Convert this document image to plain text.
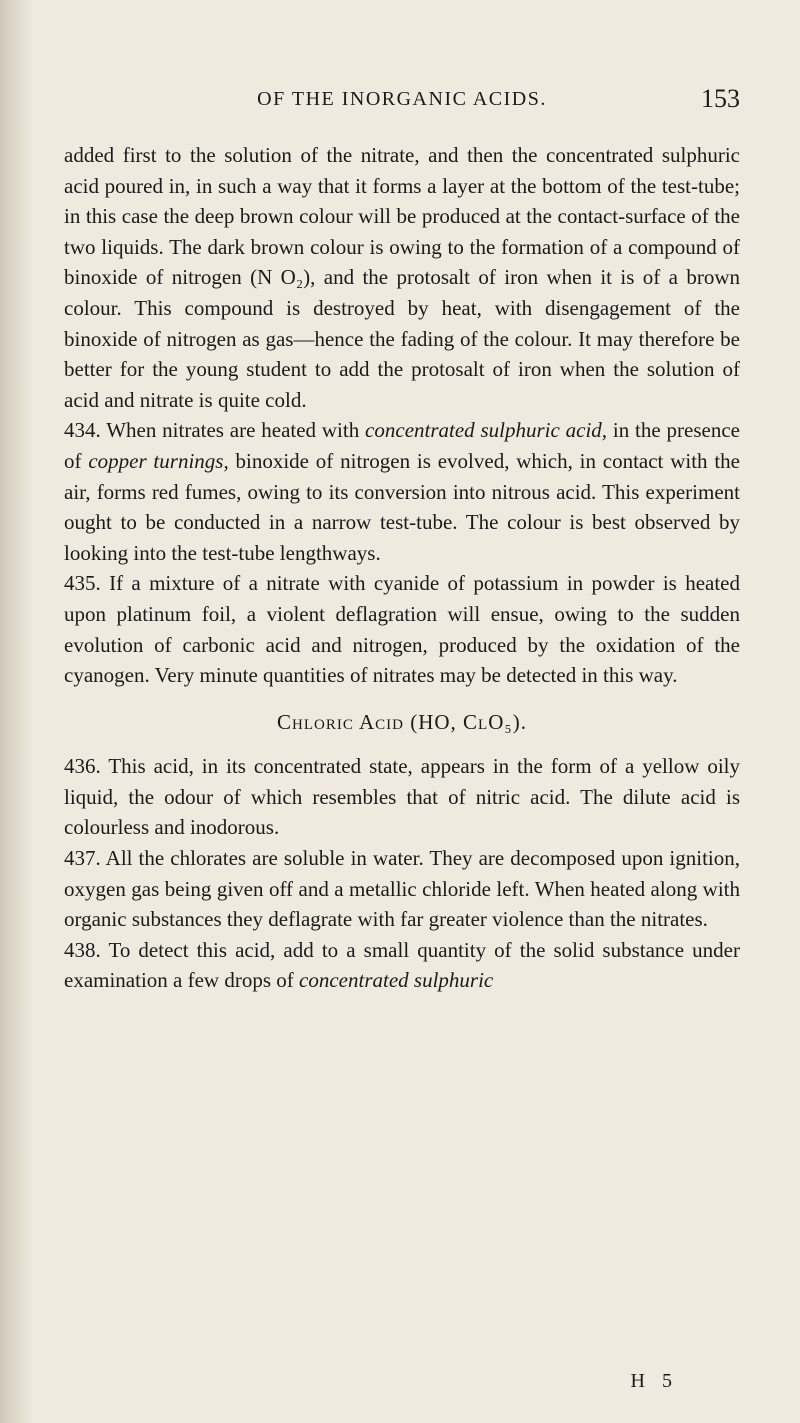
OF THE INORGANIC ACIDS.	153

added first to the solution of the nitrate, and then the concentrated sulphuric acid poured in, in such a way that it forms a layer at the bottom of the test-tube; in this case the deep brown colour will be produced at the contact-surface of the two liquids. The dark brown colour is owing to the formation of a compound of binoxide of nitrogen (N O₂), and the protosalt of iron when it is of a brown colour. This compound is destroyed by heat, with disengagement of the binoxide of nitrogen as gas—hence the fading of the colour. It may therefore be better for the young student to add the protosalt of iron when the solution of acid and nitrate is quite cold.

434. When nitrates are heated with concentrated sulphuric acid, in the presence of copper turnings, binoxide of nitrogen is evolved, which, in contact with the air, forms red fumes, owing to its conversion into nitrous acid. This experiment ought to be conducted in a narrow test-tube. The colour is best observed by looking into the test-tube lengthways.

435. If a mixture of a nitrate with cyanide of potassium in powder is heated upon platinum foil, a violent deflagration will ensue, owing to the sudden evolution of carbonic acid and nitrogen, produced by the oxidation of the cyanogen. Very minute quantities of nitrates may be detected in this way.

Chloric Acid (HO, ClO₅).

436. This acid, in its concentrated state, appears in the form of a yellow oily liquid, the odour of which resembles that of nitric acid. The dilute acid is colourless and inodorous.

437. All the chlorates are soluble in water. They are decomposed upon ignition, oxygen gas being given off and a metallic chloride left. When heated along with organic substances they deflagrate with far greater violence than the nitrates.

438. To detect this acid, add to a small quantity of the solid substance under examination a few drops of concentrated sulphuric

H 5
